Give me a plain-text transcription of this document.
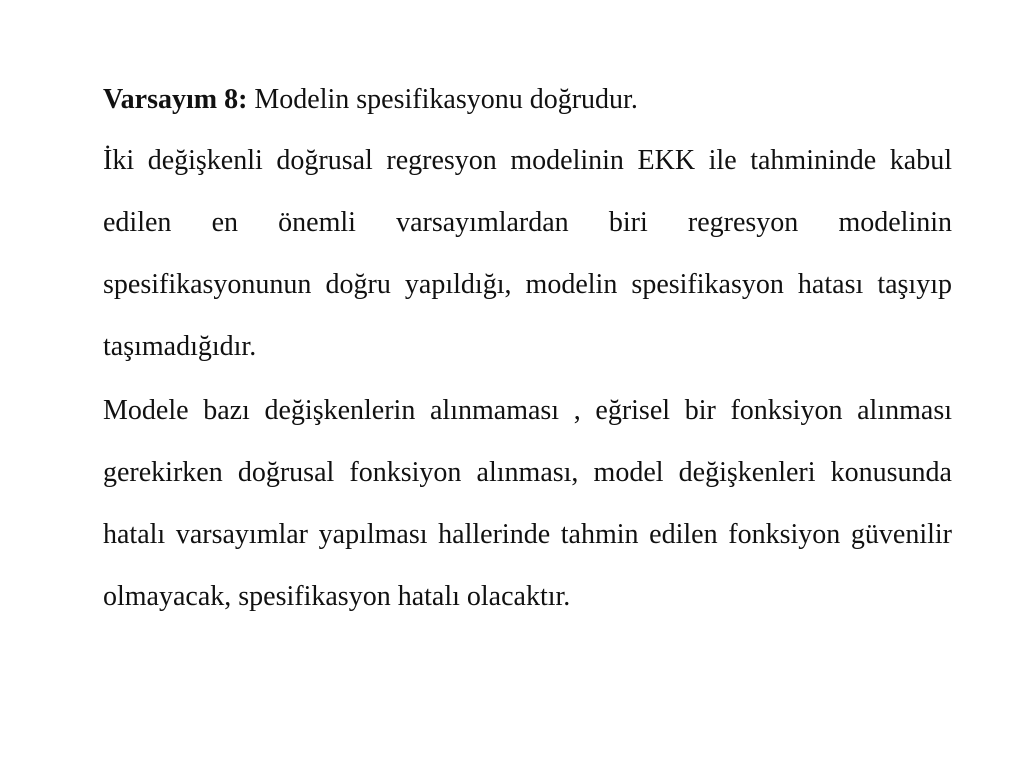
Varsayım 8: Modelin spesifikasyonu doğrudur.

İki değişkenli doğrusal regresyon modelinin EKK ile tahmininde kabul edilen en önemli varsayımlardan biri regresyon modelinin spesifikasyonunun doğru yapıldığı, modelin spesifikasyon hatası taşıyıp taşımadığıdır.

Modele bazı değişkenlerin alınmaması , eğrisel bir fonksiyon alınması gerekirken doğrusal fonksiyon alınması, model değişkenleri konusunda hatalı varsayımlar yapılması hallerinde tahmin edilen fonksiyon güvenilir olmayacak, spesifikasyon hatalı olacaktır.
